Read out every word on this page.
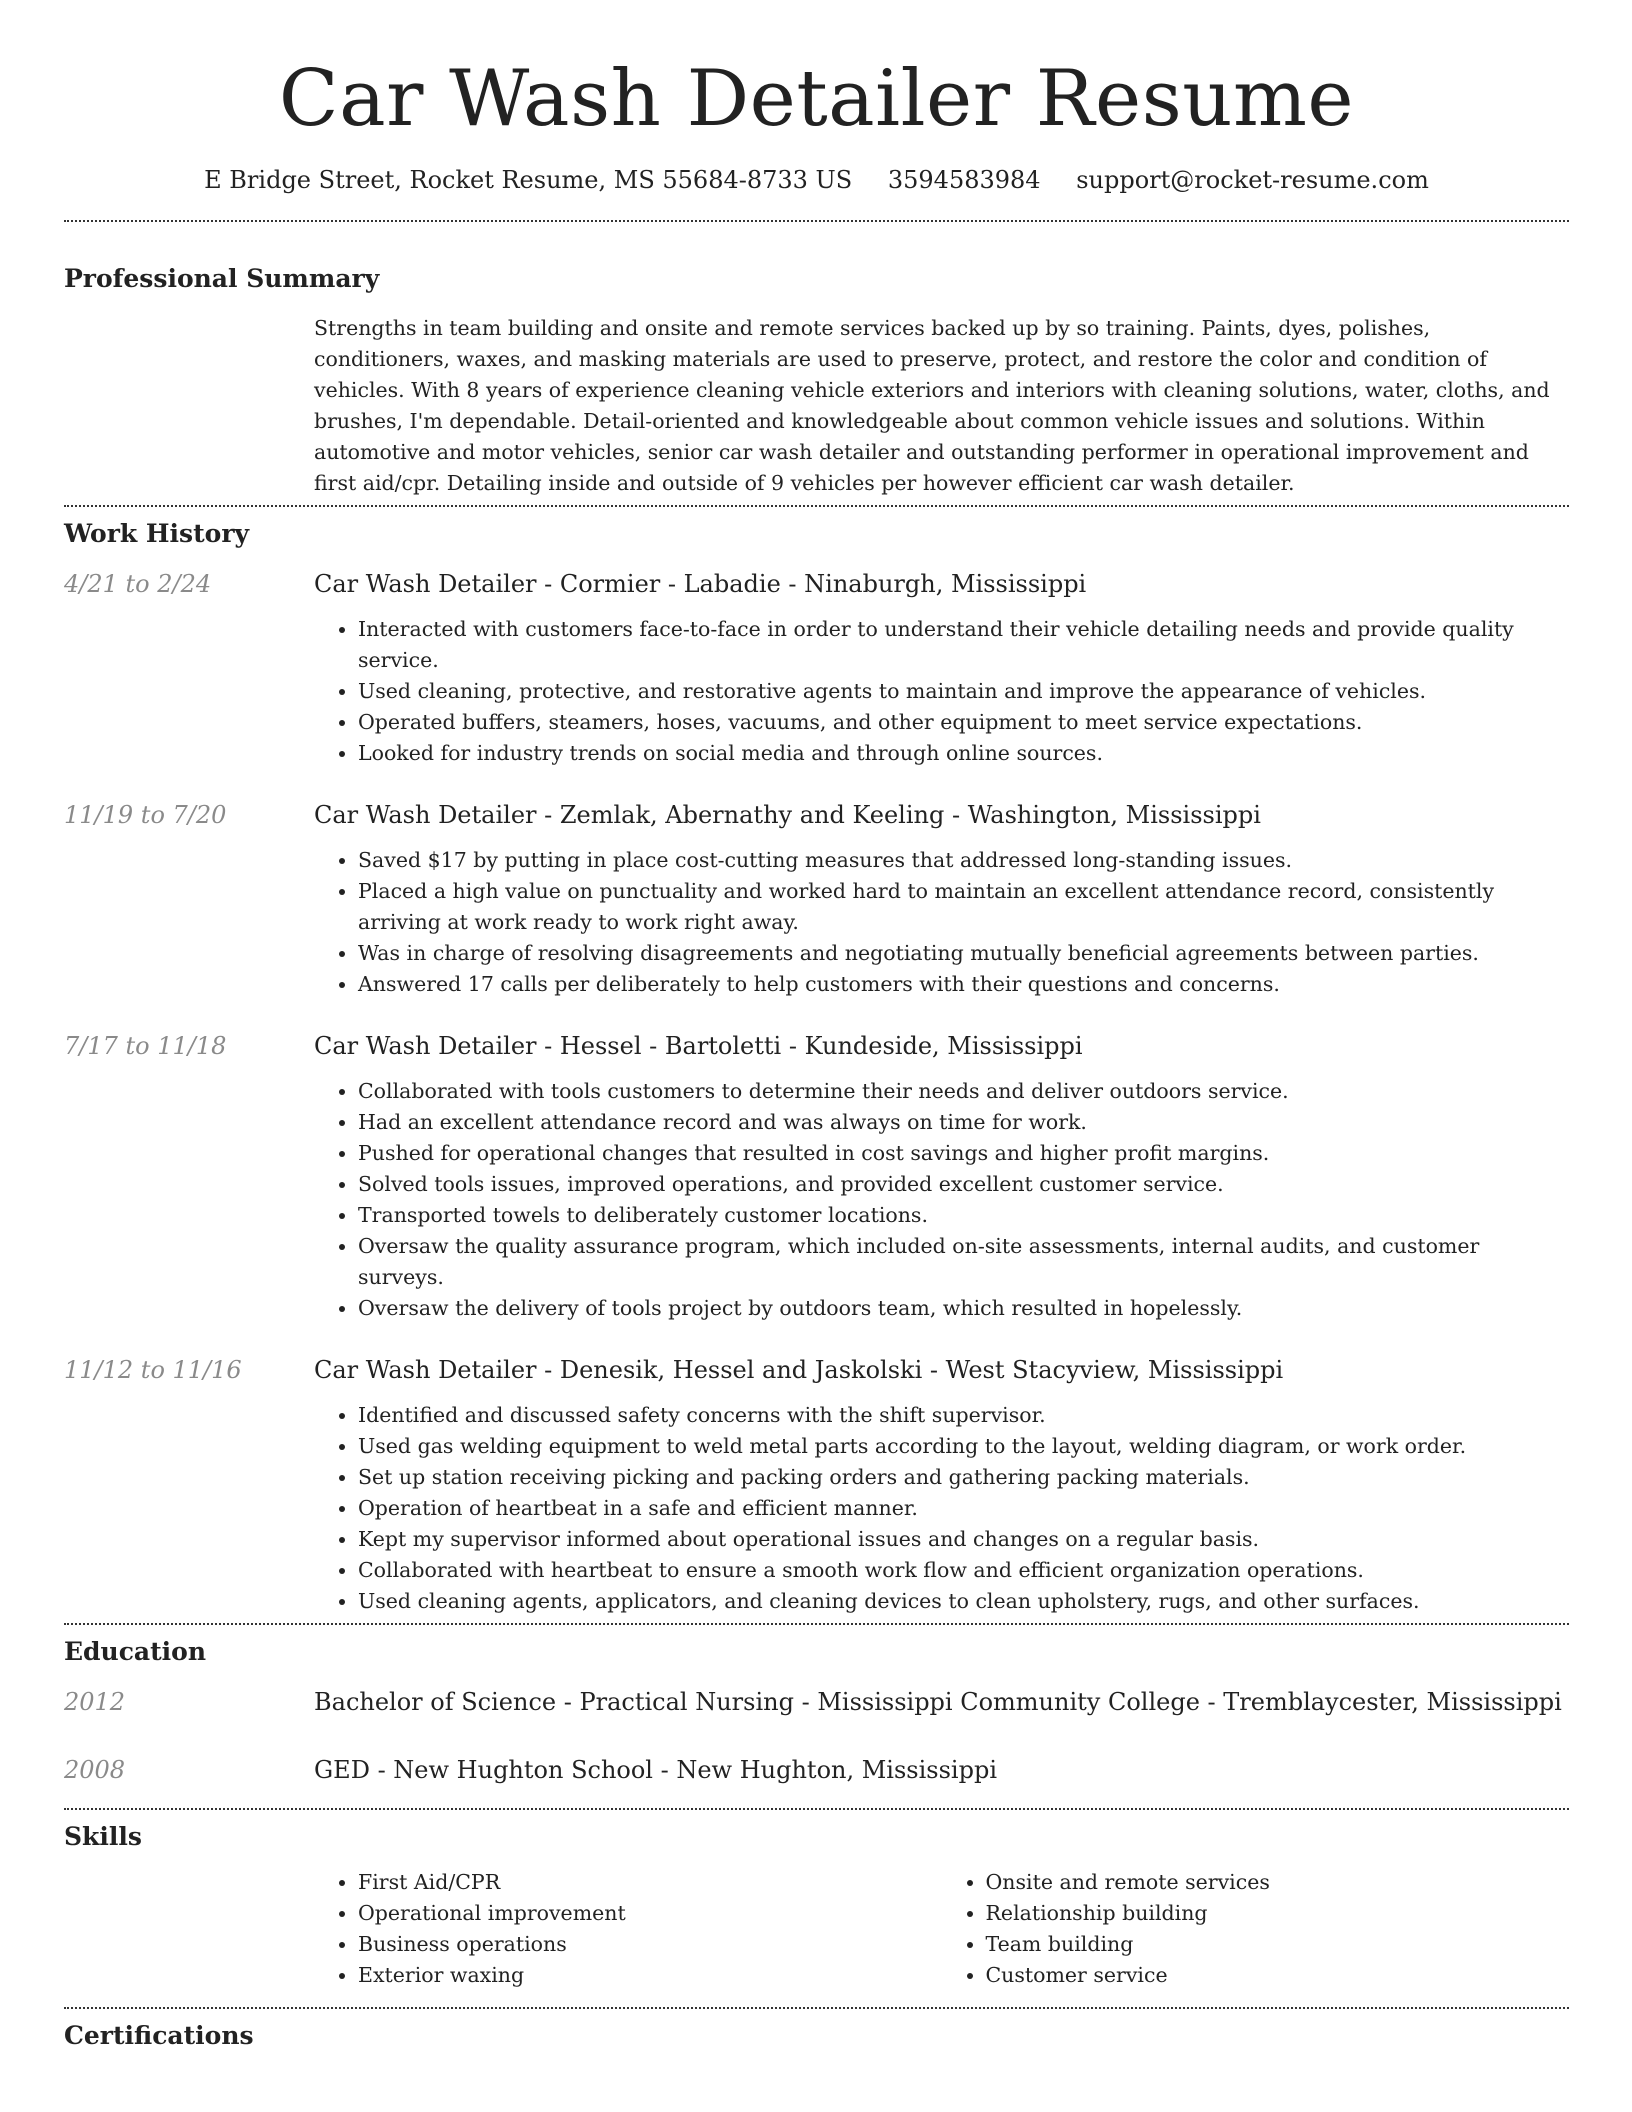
Car Wash Detailer Resume
E Bridge Street, Rocket Resume, MS 55684-8733 US 3594583984 support@rocket-resume.com
Professional Summary
Strengths in team building and onsite and remote services backed up by so training. Paints, dyes, polishes, conditioners, waxes, and masking materials are used to preserve, protect, and restore the color and condition of vehicles. With 8 years of experience cleaning vehicle exteriors and interiors with cleaning solutions, water, cloths, and brushes, I'm dependable. Detail-oriented and knowledgeable about common vehicle issues and solutions. Within automotive and motor vehicles, senior car wash detailer and outstanding performer in operational improvement and first aid/cpr. Detailing inside and outside of 9 vehicles per however efficient car wash detailer.
Work History
4/21 to 2/24	Car Wash Detailer - Cormier - Labadie - Ninaburgh, Mississippi
• Interacted with customers face-to-face in order to understand their vehicle detailing needs and provide quality service.
• Used cleaning, protective, and restorative agents to maintain and improve the appearance of vehicles.
• Operated buffers, steamers, hoses, vacuums, and other equipment to meet service expectations.
• Looked for industry trends on social media and through online sources.
11/19 to 7/20	Car Wash Detailer - Zemlak, Abernathy and Keeling - Washington, Mississippi
• Saved $17 by putting in place cost-cutting measures that addressed long-standing issues.
• Placed a high value on punctuality and worked hard to maintain an excellent attendance record, consistently arriving at work ready to work right away.
• Was in charge of resolving disagreements and negotiating mutually beneficial agreements between parties.
• Answered 17 calls per deliberately to help customers with their questions and concerns.
7/17 to 11/18	Car Wash Detailer - Hessel - Bartoletti - Kundeside, Mississippi
• Collaborated with tools customers to determine their needs and deliver outdoors service.
• Had an excellent attendance record and was always on time for work.
• Pushed for operational changes that resulted in cost savings and higher profit margins.
• Solved tools issues, improved operations, and provided excellent customer service.
• Transported towels to deliberately customer locations.
• Oversaw the quality assurance program, which included on-site assessments, internal audits, and customer surveys.
• Oversaw the delivery of tools project by outdoors team, which resulted in hopelessly.
11/12 to 11/16	Car Wash Detailer - Denesik, Hessel and Jaskolski - West Stacyview, Mississippi
• Identified and discussed safety concerns with the shift supervisor.
• Used gas welding equipment to weld metal parts according to the layout, welding diagram, or work order.
• Set up station receiving picking and packing orders and gathering packing materials.
• Operation of heartbeat in a safe and efficient manner.
• Kept my supervisor informed about operational issues and changes on a regular basis.
• Collaborated with heartbeat to ensure a smooth work flow and efficient organization operations.
• Used cleaning agents, applicators, and cleaning devices to clean upholstery, rugs, and other surfaces.
Education
2012	Bachelor of Science - Practical Nursing - Mississippi Community College - Tremblaycester, Mississippi
2008	GED - New Hughton School - New Hughton, Mississippi
Skills
• First Aid/CPR
• Operational improvement
• Business operations
• Exterior waxing
• Onsite and remote services
• Relationship building
• Team building
• Customer service
Certifications
